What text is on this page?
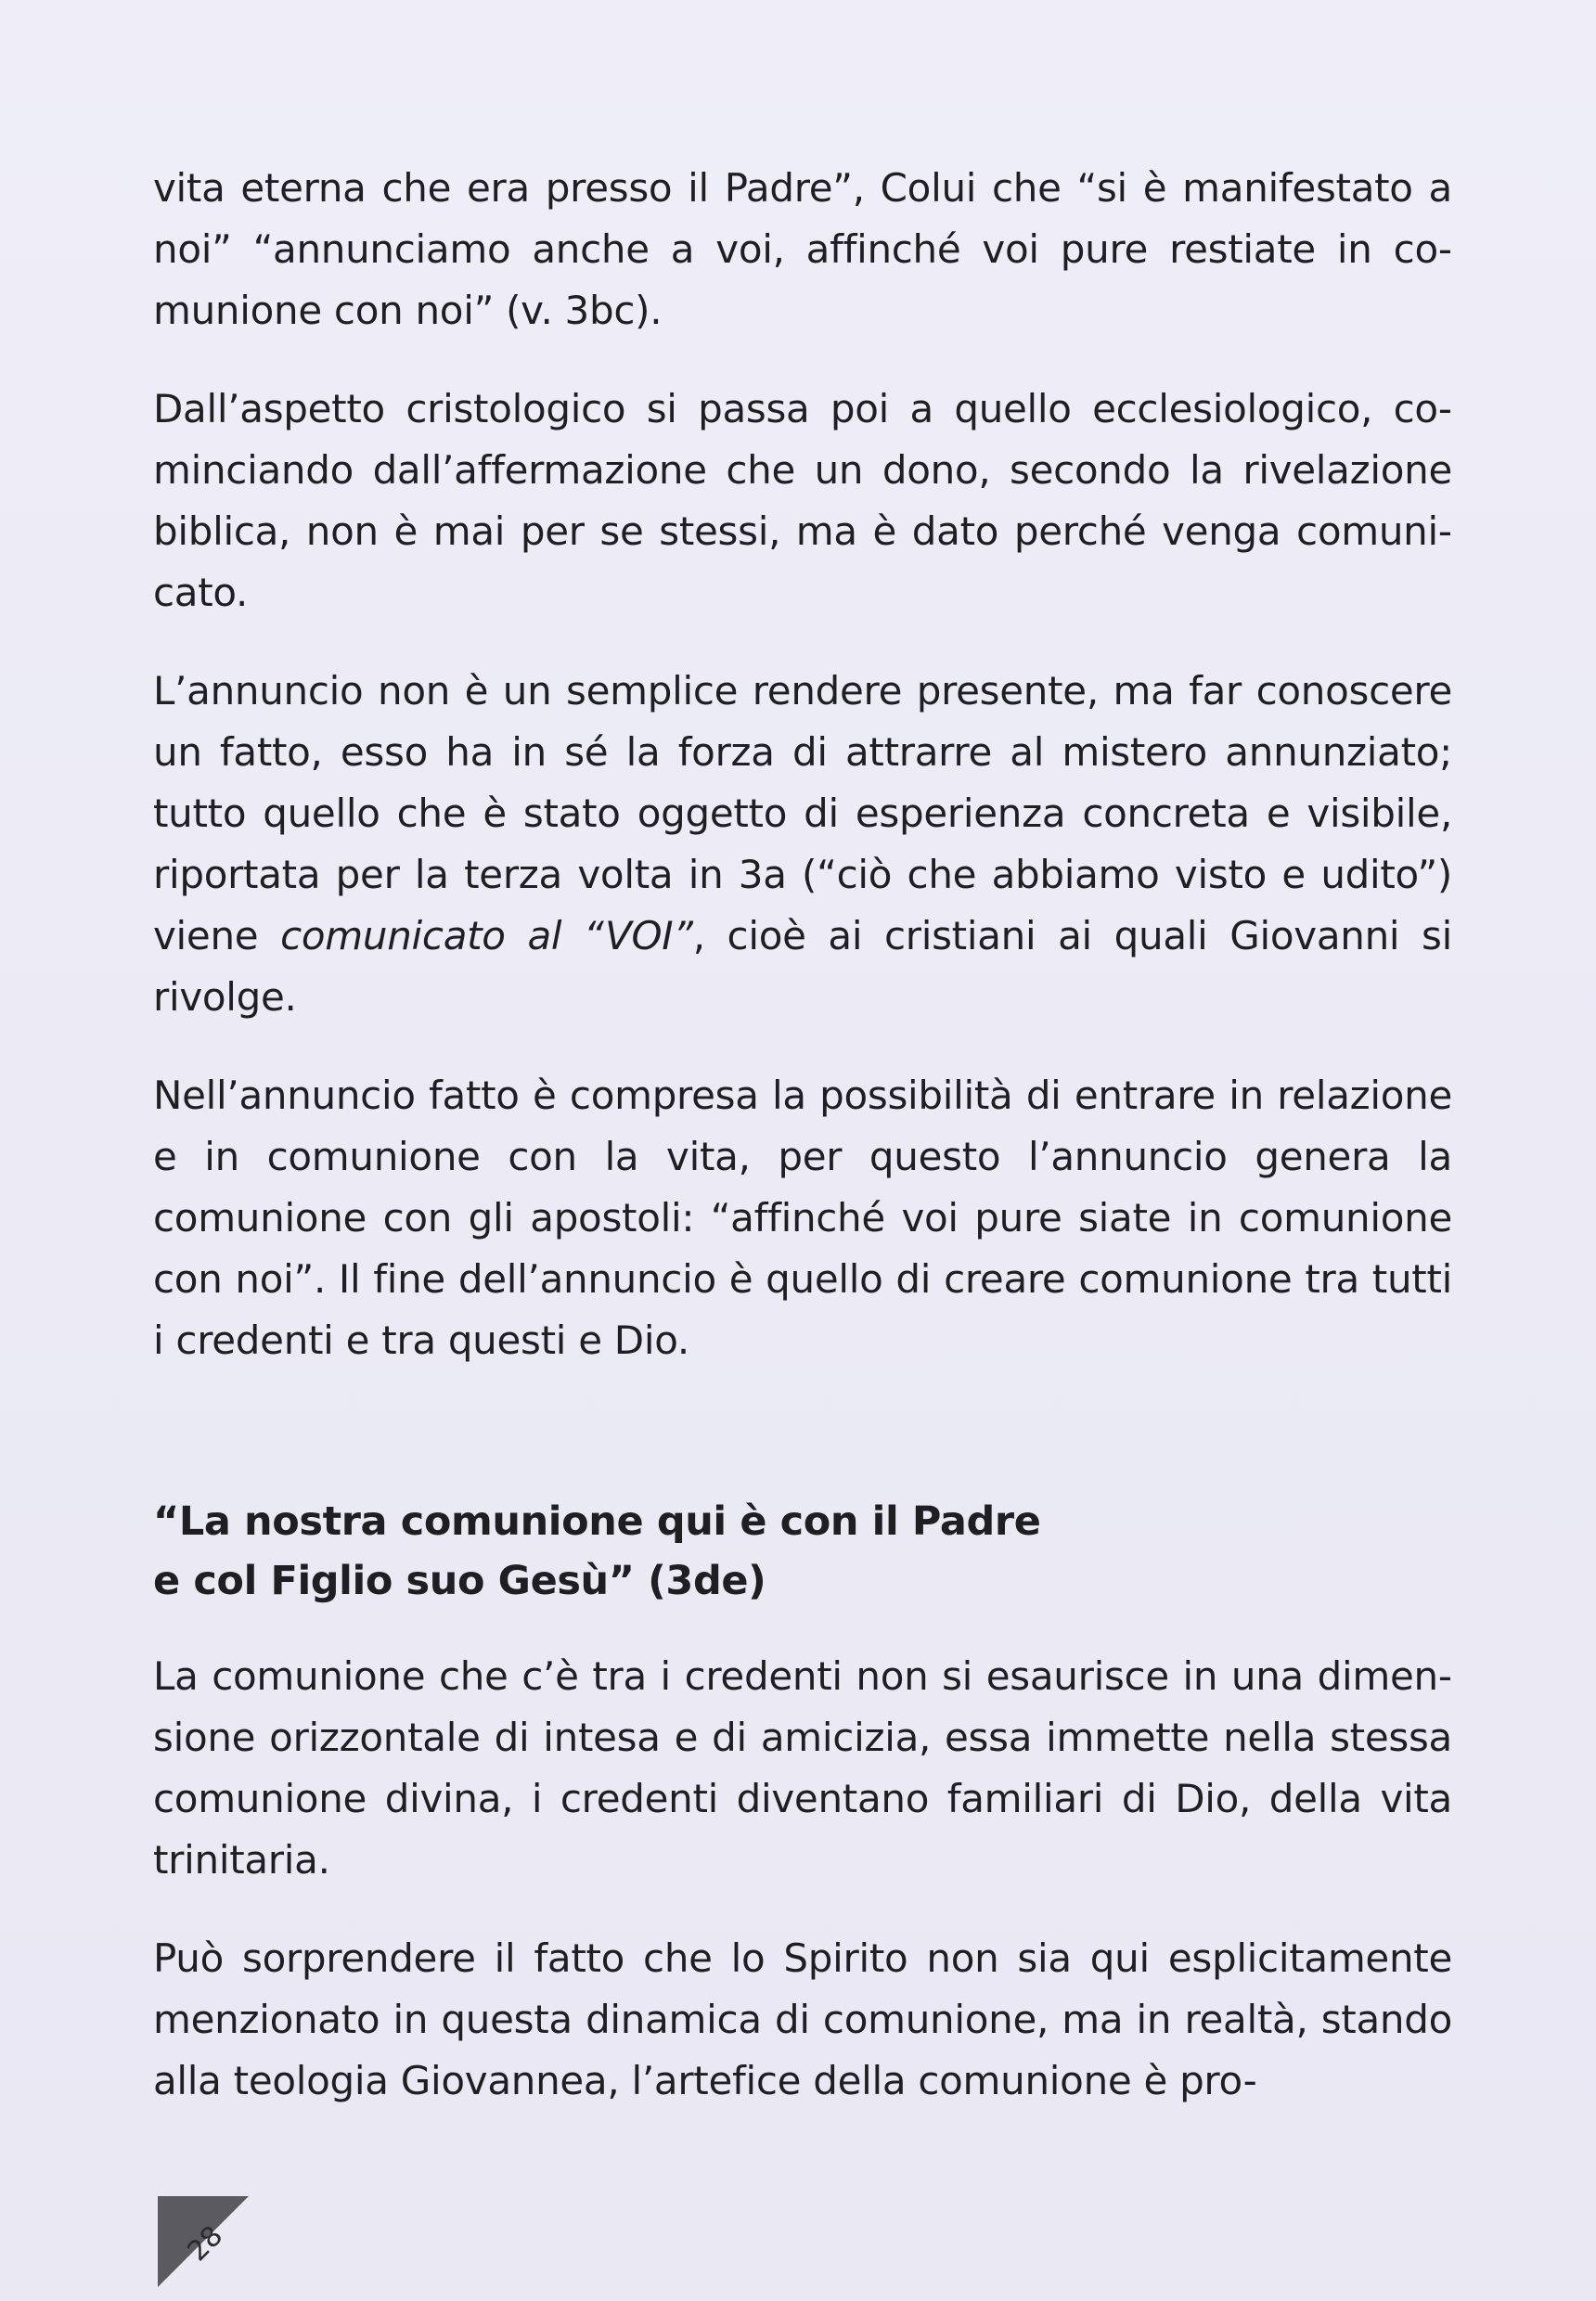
vita eterna che era presso il Padre”, Colui che “si è manifestato a noi” “annunciamo anche a voi, affinché voi pure restiate in comunione con noi” (v. 3bc).

Dall’aspetto cristologico si passa poi a quello ecclesiologico, cominciando dall’affermazione che un dono, secondo la rivelazione biblica, non è mai per se stessi, ma è dato perché venga comunicato.

L’annuncio non è un semplice rendere presente, ma far conoscere un fatto, esso ha in sé la forza di attrarre al mistero annunziato; tutto quello che è stato oggetto di esperienza concreta e visibile, riportata per la terza volta in 3a (“ciò che abbiamo visto e udito”) viene comunicato al “VOI”, cioè ai cristiani ai quali Giovanni si rivolge.

Nell’annuncio fatto è compresa la possibilità di entrare in relazione e in comunione con la vita, per questo l’annuncio genera la comunione con gli apostoli: “affinché voi pure siate in comunione con noi”. Il fine dell’annuncio è quello di creare comunione tra tutti i credenti e tra questi e Dio.

“La nostra comunione qui è con il Padre
e col Figlio suo Gesù” (3de)

La comunione che c’è tra i credenti non si esaurisce in una dimensione orizzontale di intesa e di amicizia, essa immette nella stessa comunione divina, i credenti diventano familiari di Dio, della vita trinitaria.

Può sorprendere il fatto che lo Spirito non sia qui esplicitamente menzionato in questa dinamica di comunione, ma in realtà, stando alla teologia Giovannea, l’artefice della comunione è pro-

28
